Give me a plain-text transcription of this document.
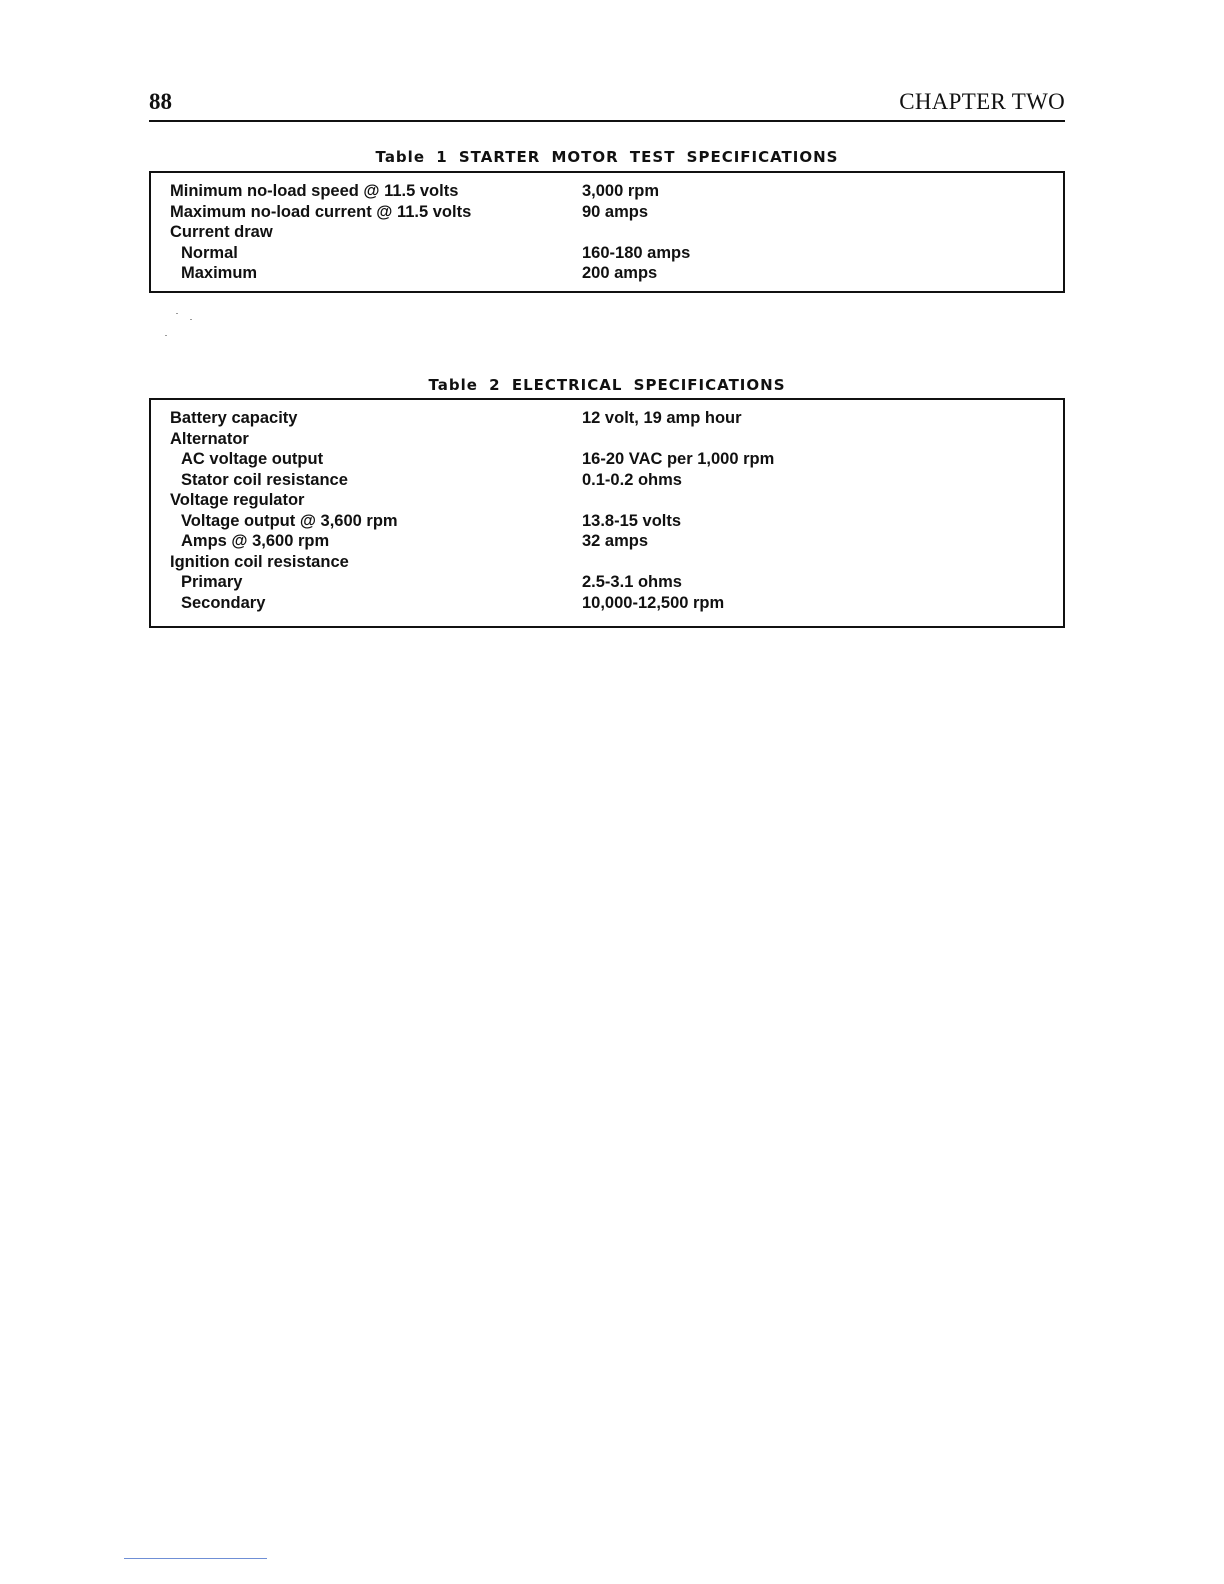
88	CHAPTER TWO
Table 1 STARTER MOTOR TEST SPECIFICATIONS
Minimum no-load speed @ 11.5 volts	3,000 rpm
Maximum no-load current @ 11.5 volts	90 amps
Current draw
Normal	160-180 amps
Maximum	200 amps
Table 2 ELECTRICAL SPECIFICATIONS
Battery capacity	12 volt, 19 amp hour
Alternator
AC voltage output	16-20 VAC per 1,000 rpm
Stator coil resistance	0.1-0.2 ohms
Voltage regulator
Voltage output @ 3,600 rpm	13.8-15 volts
Amps @ 3,600 rpm	32 amps
Ignition coil resistance
Primary	2.5-3.1 ohms
Secondary	10,000-12,500 rpm
